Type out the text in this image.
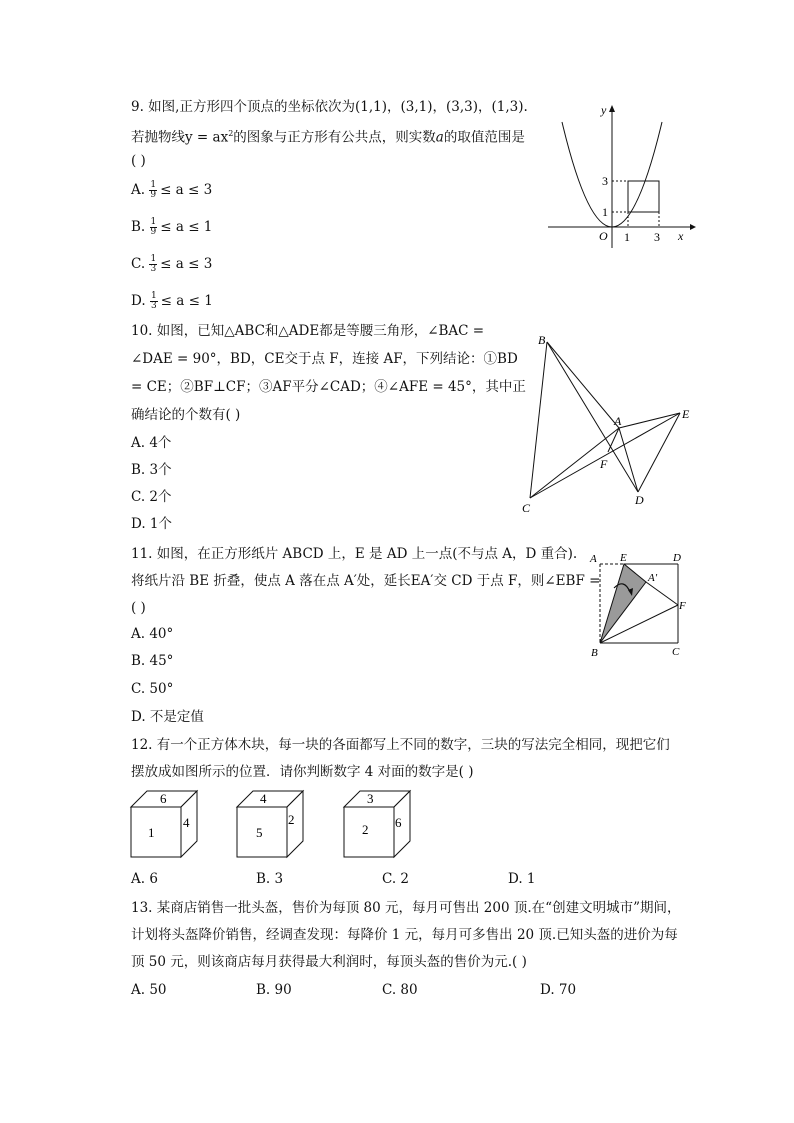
9. 如图,正方形四个顶点的坐标依次为(1,1)，(3,1)，(3,3)，(1,3).
若抛物线$y = ax^2$的图象与正方形有公共点，则实数a的取值范围是
( )
A. $\frac{1}{9} \le a \le 3$
B. $\frac{1}{9} \le a \le 1$
C. $\frac{1}{3} \le a \le 3$
D. $\frac{1}{3} \le a \le 1$
y
x
O 1 3
1
3
10. 如图，已知△ABC和△ADE都是等腰三角形，∠BAC =
∠DAE = 90°，BD，CE交于点 F，连接 AF，下列结论：①BD
= CE；②BF⊥CF；③AF平分∠CAD；④∠AFE = 45°，其中正
确结论的个数有( )
A. 4个
B. 3个
C. 2个
D. 1个
B
A	E
F
C
D
11. 如图，在正方形纸片 ABCD 上，E 是 AD 上一点(不与点 A，D 重合).
将纸片沿 BE 折叠，使点 A 落在点 A′处，延长EA′交 CD 于点 F，则∠EBF =
( )
A. 40°
B. 45°
C. 50°
D. 不是定值
A E	D
A′
F
B	C
12. 有一个正方体木块，每一块的各面都写上不同的数字，三块的写法完全相同，现把它们
摆放成如图所示的位置．请你判断数字 4 对面的数字是( )
6
1
4
4
5
2
3
2 6
A. 6	B. 3	C. 2	D. 1
13. 某商店销售一批头盔，售价为每顶 80 元，每月可售出 200 顶.在“创建文明城市”期间，
计划将头盔降价销售，经调查发现：每降价 1 元，每月可多售出 20 顶.已知头盔的进价为每
顶 50 元，则该商店每月获得最大利润时，每顶头盔的售价为元.( )
A. 50	B. 90	C. 80	D. 70
